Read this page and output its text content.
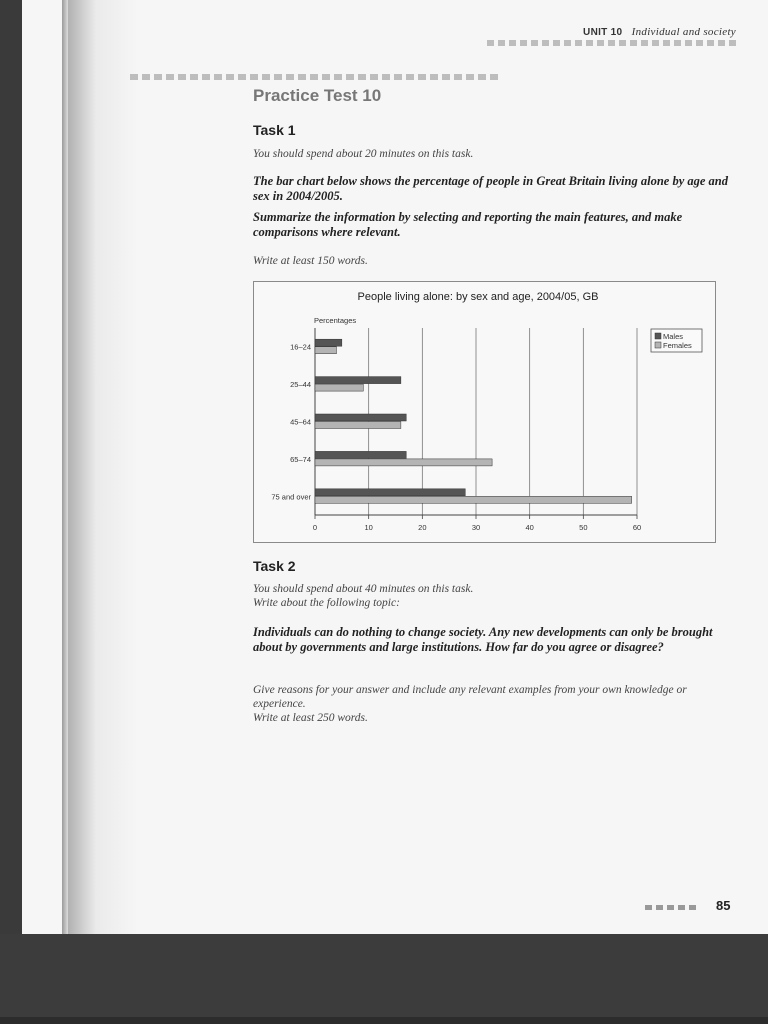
UNIT 10 Individual and society
Practice Test 10
Task 1
You should spend about 20 minutes on this task.
The bar chart below shows the percentage of people in Great Britain living alone by age and sex in 2004/2005.
Summarize the information by selecting and reporting the main features, and make comparisons where relevant.
Write at least 150 words.
People living alone: by sex and age, 2004/05, GB
Percentages
16–24
25–44
45–64
65–74
75 and over
0	10	20	30	40	50	60
Males
Females
Task 2
You should spend about 40 minutes on this task.
Write about the following topic:
Individuals can do nothing to change society. Any new developments can only be brought about by governments and large institutions. How far do you agree or disagree?
Give reasons for your answer and include any relevant examples from your own knowledge or experience.
Write at least 250 words.
85
